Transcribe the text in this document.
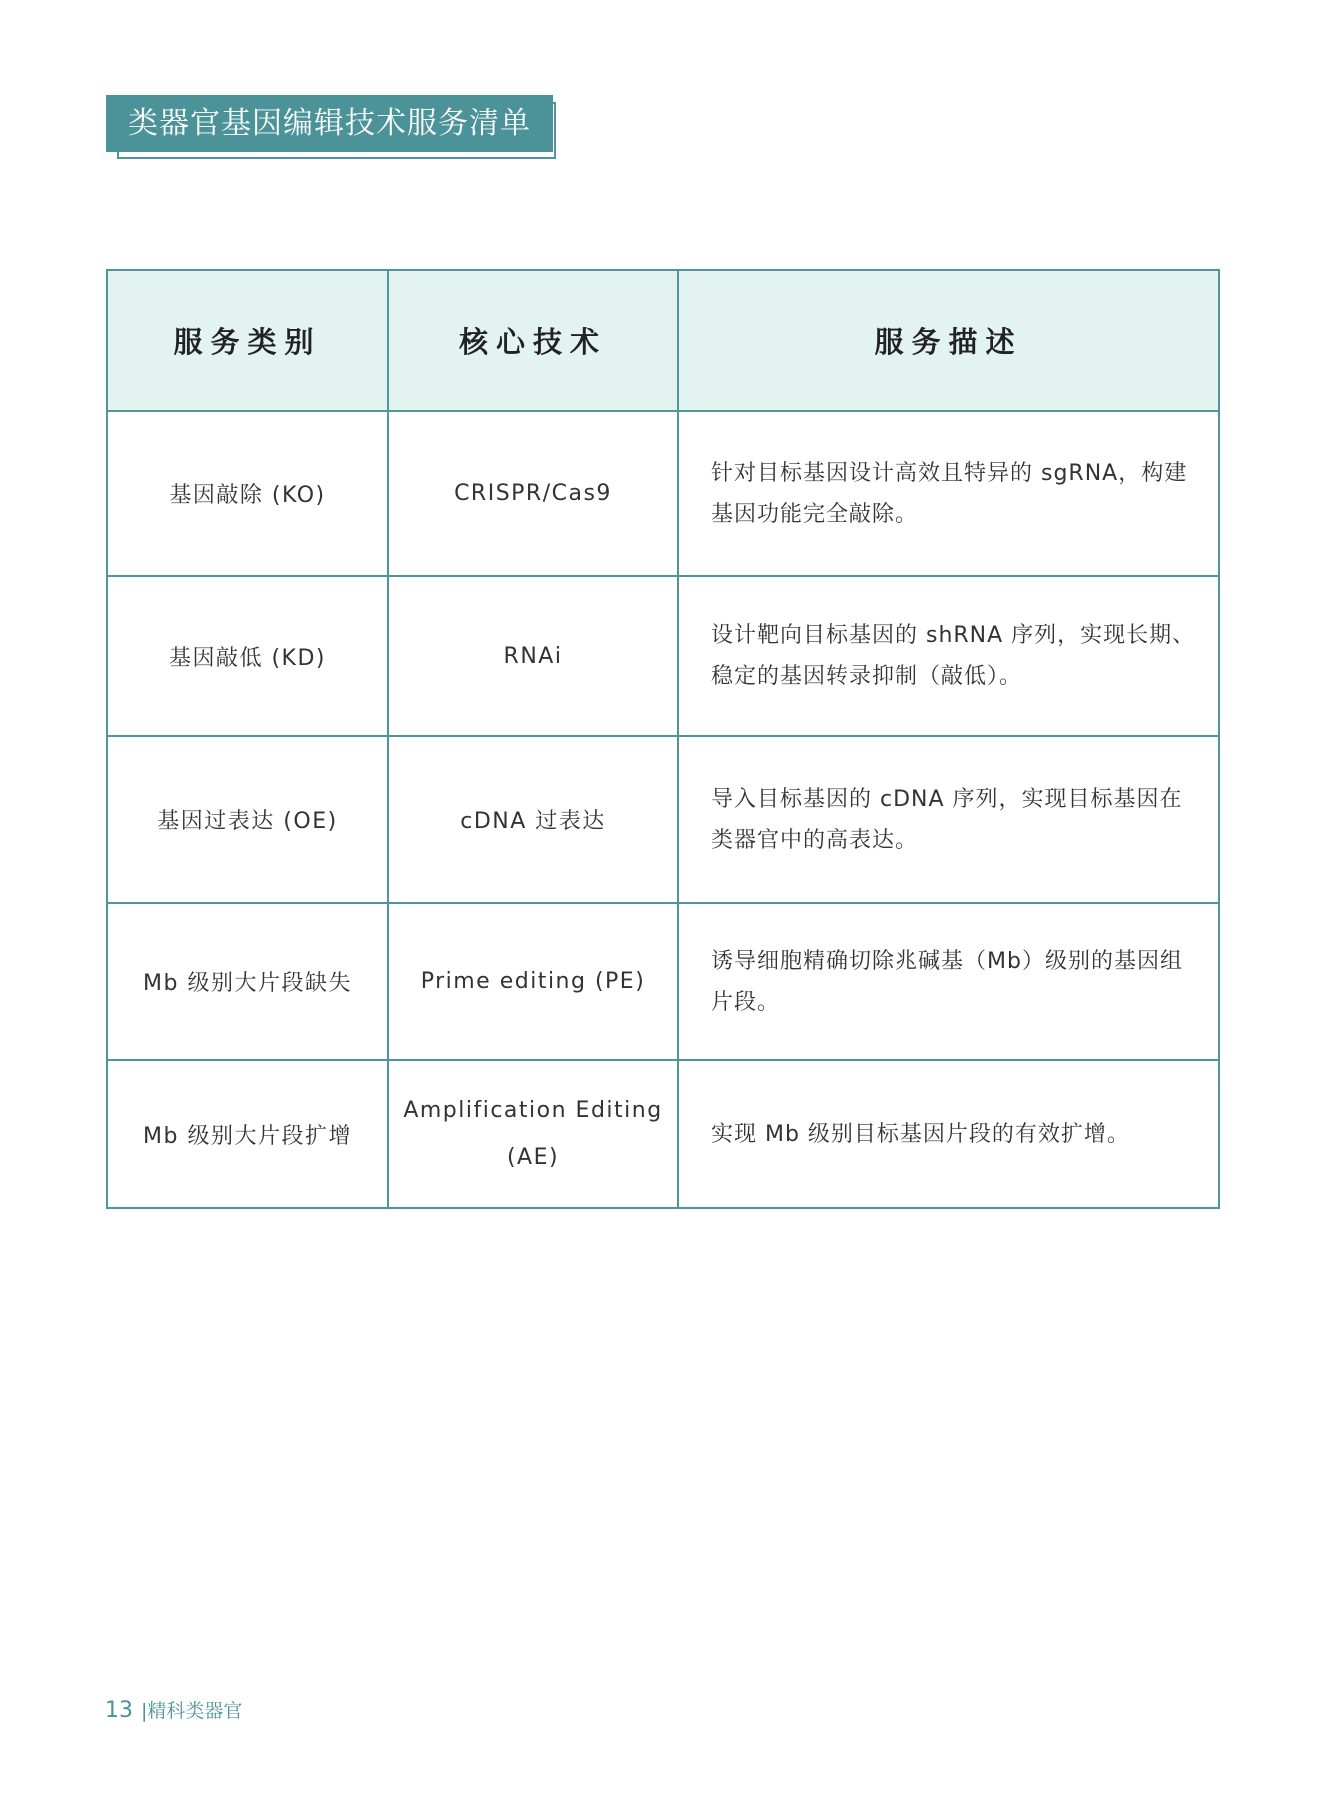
类器官基因编辑技术服务清单
服务类别	核心技术	服务描述
基因敲除 (KO)	CRISPR/Cas9	针对目标基因设计高效且特异的 sgRNA，构建基因功能完全敲除。
基因敲低 (KD)	RNAi	设计靶向目标基因的 shRNA 序列，实现长期、稳定的基因转录抑制（敲低）。
基因过表达 (OE)	cDNA 过表达	导入目标基因的 cDNA 序列，实现目标基因在类器官中的高表达。
Mb 级别大片段缺失	Prime editing (PE)	诱导细胞精确切除兆碱基（Mb）级别的基因组片段。
Mb 级别大片段扩增	Amplification Editing (AE)	实现 Mb 级别目标基因片段的有效扩增。
13 |精科类器官
